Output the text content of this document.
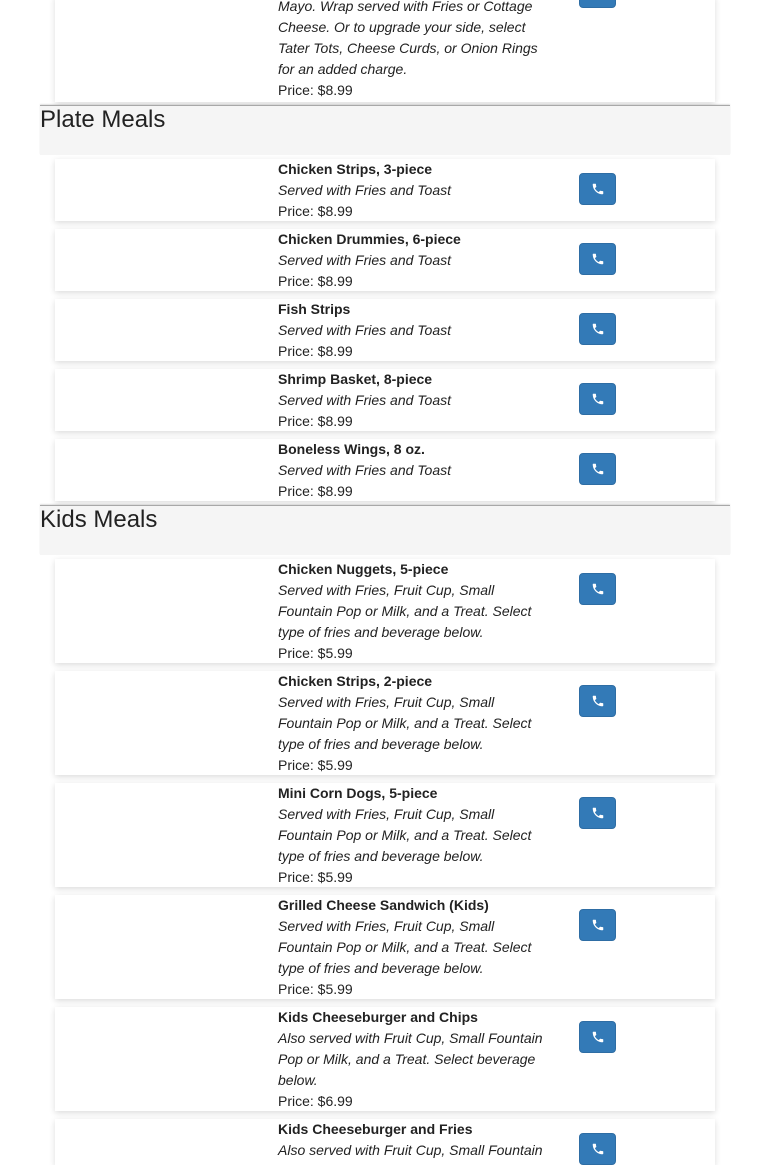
Mayo. Wrap served with Fries or Cottage Cheese. Or to upgrade your side, select Tater Tots, Cheese Curds, or Onion Rings for an added charge.
Price: $8.99
Plate Meals
Chicken Strips, 3-piece
Served with Fries and Toast
Price: $8.99
Chicken Drummies, 6-piece
Served with Fries and Toast
Price: $8.99
Fish Strips
Served with Fries and Toast
Price: $8.99
Shrimp Basket, 8-piece
Served with Fries and Toast
Price: $8.99
Boneless Wings, 8 oz.
Served with Fries and Toast
Price: $8.99
Kids Meals
Chicken Nuggets, 5-piece
Served with Fries, Fruit Cup, Small Fountain Pop or Milk, and a Treat. Select type of fries and beverage below.
Price: $5.99
Chicken Strips, 2-piece
Served with Fries, Fruit Cup, Small Fountain Pop or Milk, and a Treat. Select type of fries and beverage below.
Price: $5.99
Mini Corn Dogs, 5-piece
Served with Fries, Fruit Cup, Small Fountain Pop or Milk, and a Treat. Select type of fries and beverage below.
Price: $5.99
Grilled Cheese Sandwich (Kids)
Served with Fries, Fruit Cup, Small Fountain Pop or Milk, and a Treat. Select type of fries and beverage below.
Price: $5.99
Kids Cheeseburger and Chips
Also served with Fruit Cup, Small Fountain Pop or Milk, and a Treat. Select beverage below.
Price: $6.99
Kids Cheeseburger and Fries
Also served with Fruit Cup, Small Fountain
